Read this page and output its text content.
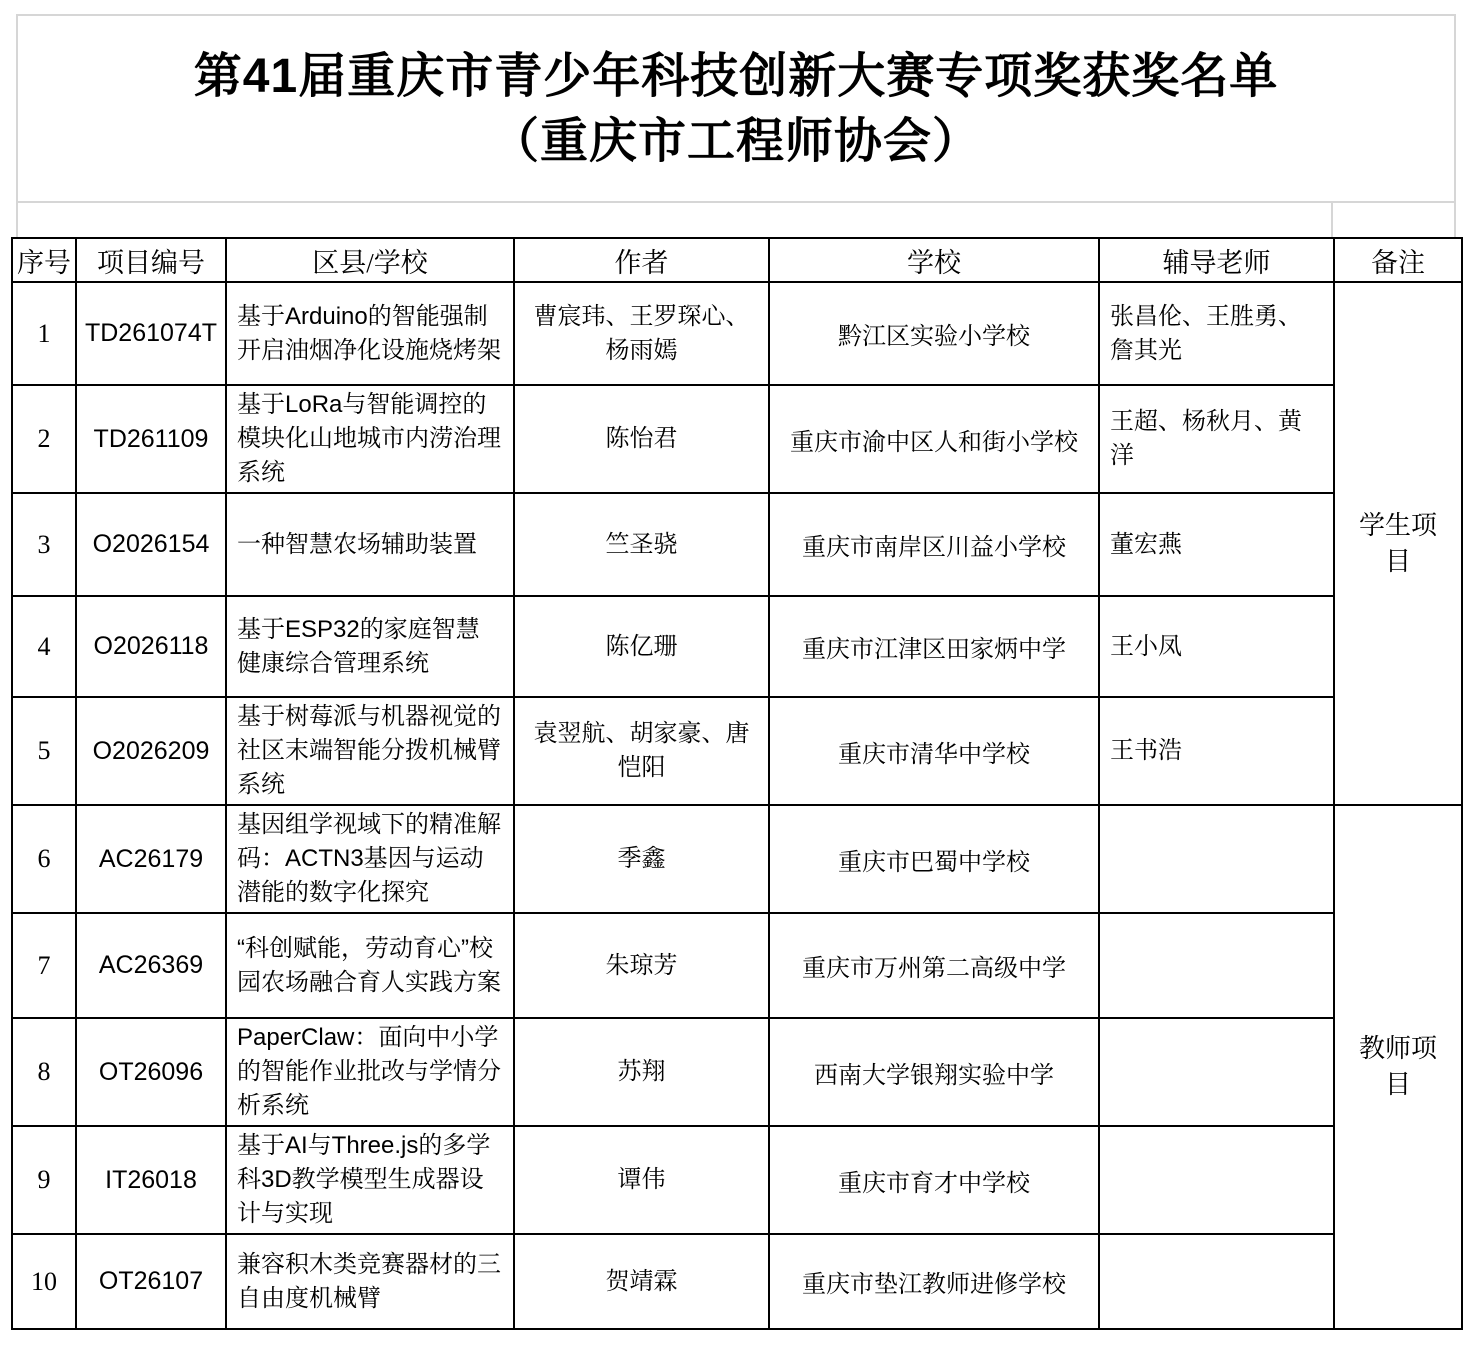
第41届重庆市青少年科技创新大赛专项奖获奖名单
（重庆市工程师协会）
序号	项目编号	区县/学校	作者	学校	辅导老师	备注
1	TD261074T	基于Arduino的智能强制开启油烟净化设施烧烤架	曹宸玮、王罗琛心、杨雨嫣	黔江区实验小学校	张昌伦、王胜勇、詹其光	学生项目
2	TD261109	基于LoRa与智能调控的模块化山地城市内涝治理系统	陈怡君	重庆市渝中区人和街小学校	王超、杨秋月、黄洋	
3	O2026154	一种智慧农场辅助装置	竺圣骁	重庆市南岸区川益小学校	董宏燕	
4	O2026118	基于ESP32的家庭智慧健康综合管理系统	陈亿珊	重庆市江津区田家炳中学	王小凤	
5	O2026209	基于树莓派与机器视觉的社区末端智能分拨机械臂系统	袁翌航、胡家豪、唐恺阳	重庆市清华中学校	王书浩	
6	AC26179	基因组学视域下的精准解码：ACTN3基因与运动潜能的数字化探究	季鑫	重庆市巴蜀中学校		教师项目
7	AC26369	“科创赋能，劳动育心”校园农场融合育人实践方案	朱琼芳	重庆市万州第二高级中学		
8	OT26096	PaperClaw：面向中小学的智能作业批改与学情分析系统	苏翔	西南大学银翔实验中学		
9	IT26018	基于AI与Three.js的多学科3D教学模型生成器设计与实现	谭伟	重庆市育才中学校		
10	OT26107	兼容积木类竞赛器材的三自由度机械臂	贺靖霖	重庆市垫江教师进修学校		
